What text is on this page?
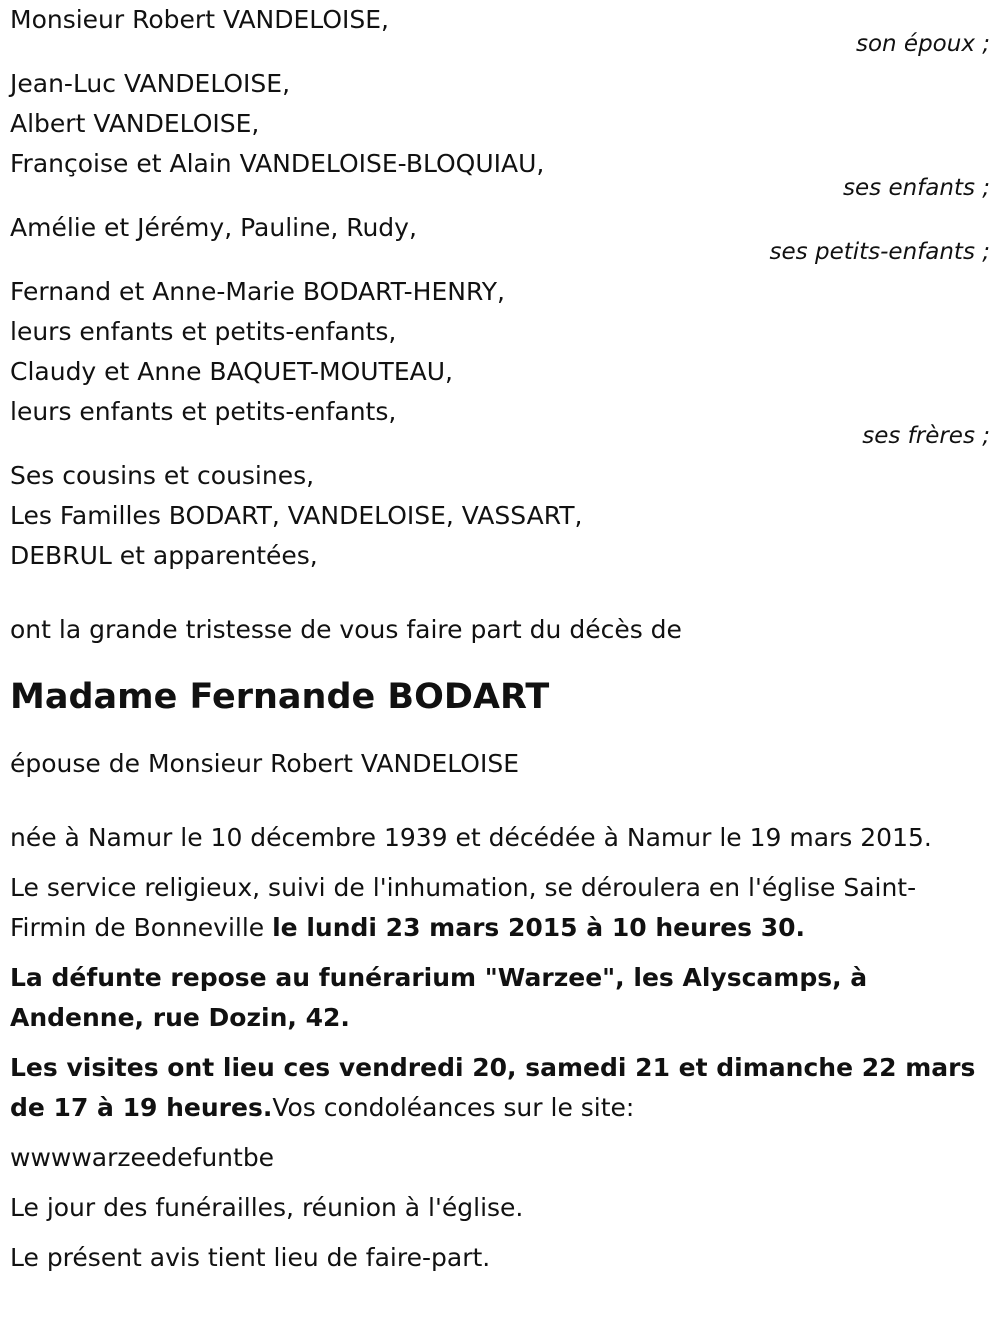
Monsieur Robert VANDELOISE,
son époux ;
Jean-Luc VANDELOISE,
Albert VANDELOISE,
Françoise et Alain VANDELOISE-BLOQUIAU,
ses enfants ;
Amélie et Jérémy, Pauline, Rudy,
ses petits-enfants ;
Fernand et Anne-Marie BODART-HENRY,
leurs enfants et petits-enfants,
Claudy et Anne BAQUET-MOUTEAU,
leurs enfants et petits-enfants,
ses frères ;
Ses cousins et cousines,
Les Familles BODART, VANDELOISE, VASSART,
DEBRUL et apparentées,
ont la grande tristesse de vous faire part du décès de
Madame Fernande BODART
épouse de Monsieur Robert VANDELOISE

née à Namur le 10 décembre 1939 et décédée à Namur le 19 mars 2015.

Le service religieux, suivi de l'inhumation, se déroulera en l'église Saint-Firmin de Bonneville le lundi 23 mars 2015 à 10 heures 30.

La défunte repose au funérarium "Warzee", les Alyscamps, à Andenne, rue Dozin, 42.

Les visites ont lieu ces vendredi 20, samedi 21 et dimanche 22 mars de 17 à 19 heures.Vos condoléances sur le site:

wwwwarzeedefuntbe

Le jour des funérailles, réunion à l'église.

Le présent avis tient lieu de faire-part.
